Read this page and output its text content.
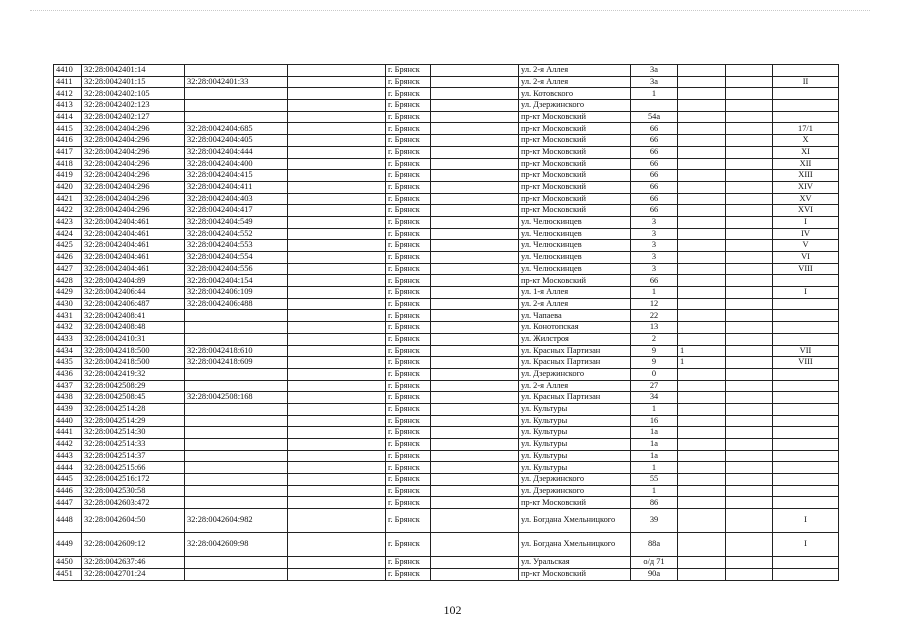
4410	32:28:0042401:14			г. Брянск		ул. 2-я Аллея	3a			
4411	32:28:0042401:15	32:28:0042401:33		г. Брянск		ул. 2-я Аллея	3a			II
4412	32:28:0042402:105			г. Брянск		ул. Котовского	1			
4413	32:28:0042402:123			г. Брянск		ул. Дзержинского				
4414	32:28:0042402:127			г. Брянск		пр-кт Московский	54a			
4415	32:28:0042404:296	32:28:0042404:685		г. Брянск		пр-кт Московский	66			17/1
4416	32:28:0042404:296	32:28:0042404:405		г. Брянск		пр-кт Московский	66			X
4417	32:28:0042404:296	32:28:0042404:444		г. Брянск		пр-кт Московский	66			XI
4418	32:28:0042404:296	32:28:0042404:400		г. Брянск		пр-кт Московский	66			XII
4419	32:28:0042404:296	32:28:0042404:415		г. Брянск		пр-кт Московский	66			XIII
4420	32:28:0042404:296	32:28:0042404:411		г. Брянск		пр-кт Московский	66			XIV
4421	32:28:0042404:296	32:28:0042404:403		г. Брянск		пр-кт Московский	66			XV
4422	32:28:0042404:296	32:28:0042404:417		г. Брянск		пр-кт Московский	66			XVI
4423	32:28:0042404:461	32:28:0042404:549		г. Брянск		ул. Челюскинцев	3			I
4424	32:28:0042404:461	32:28:0042404:552		г. Брянск		ул. Челюскинцев	3			IV
4425	32:28:0042404:461	32:28:0042404:553		г. Брянск		ул. Челюскинцев	3			V
4426	32:28:0042404:461	32:28:0042404:554		г. Брянск		ул. Челюскинцев	3			VI
4427	32:28:0042404:461	32:28:0042404:556		г. Брянск		ул. Челюскинцев	3			VIII
4428	32:28:0042404:89	32:28:0042404:154		г. Брянск		пр-кт Московский	66			
4429	32:28:0042406:44	32:28:0042406:109		г. Брянск		ул. 1-я Аллея	1			I
4430	32:28:0042406:487	32:28:0042406:488		г. Брянск		ул. 2-я Аллея	12			
4431	32:28:0042408:41			г. Брянск		ул. Чапаева	22			
4432	32:28:0042408:48			г. Брянск		ул. Конотопская	13			
4433	32:28:0042410:31			г. Брянск		ул. Жилстроя	2			
4434	32:28:0042418:500	32:28:0042418:610		г. Брянск		ул. Красных Партизан	9	1		VII
4435	32:28:0042418:500	32:28:0042418:609		г. Брянск		ул. Красных Партизан	9	1		VIII
4436	32:28:0042419:32			г. Брянск		ул. Дзержинского	0			
4437	32:28:0042508:29			г. Брянск		ул. 2-я Аллея	27			
4438	32:28:0042508:45	32:28:0042508:168		г. Брянск		ул. Красных Партизан	34			
4439	32:28:0042514:28			г. Брянск		ул. Культуры	1			
4440	32:28:0042514:29			г. Брянск		ул. Культуры	16			
4441	32:28:0042514:30			г. Брянск		ул. Культуры	1a			
4442	32:28:0042514:33			г. Брянск		ул. Культуры	1a			
4443	32:28:0042514:37			г. Брянск		ул. Культуры	1a			
4444	32:28:0042515:66			г. Брянск		ул. Культуры	1			
4445	32:28:0042516:172			г. Брянск		ул. Дзержинского	55			
4446	32:28:0042530:58			г. Брянск		ул. Дзержинского	1			
4447	32:28:0042603:472			г. Брянск		пр-кт Московский	86			
4448	32:28:0042604:50	32:28:0042604:982		г. Брянск		ул. Богдана Хмельницкого	39			I
4449	32:28:0042609:12	32:28:0042609:98		г. Брянск		ул. Богдана Хмельницкого	88a			I
4450	32:28:0042637:46			г. Брянск		ул. Уральская	о/д 71			
4451	32:28:0042701:24			г. Брянск		пр-кт Московский	90a			
102
